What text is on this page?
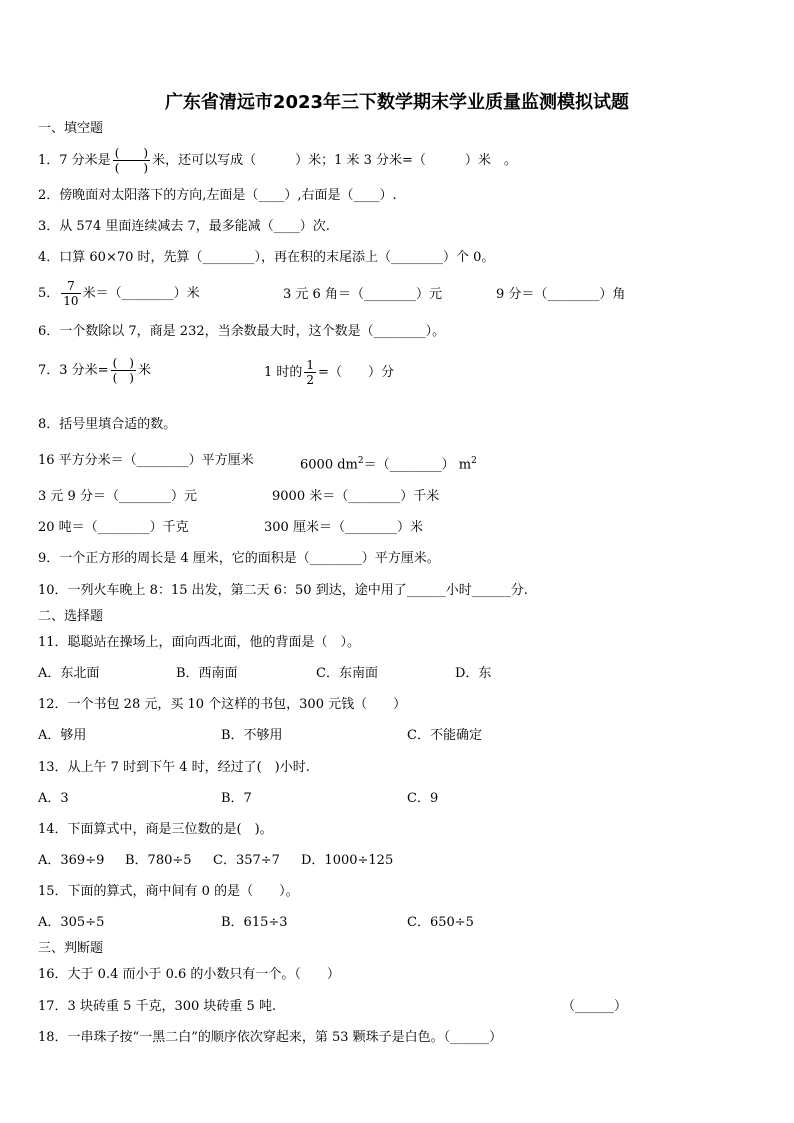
广东省清远市2023年三下数学期末学业质量监测模拟试题
一、填空题
1．7 分米是 $\frac{( )}{( )}$ 米，还可以写成（　　　）米；1 米 3 分米=（　　　）米　。
2．傍晚面对太阳落下的方向,左面是（____）,右面是（____）.
3．从 574 里面连续减去 7，最多能减（____）次.
4．口算 60×70 时，先算（________），再在积的末尾添上（________）个 0。
5． $\frac{7}{10}$ 米＝（________）米	3 元 6 角＝（________）元	9 分＝（________）角
6．一个数除以 7，商是 232，当余数最大时，这个数是（________）。
7．3 分米= $\frac{( )}{( )}$ 米	1 时的 $\frac{1}{2}$ =（　　）分
8．括号里填合适的数。
16 平方分米＝（________）平方厘米	6000 $dm^2=(\_\_\_\_\_\_\_\_)$ $m^2$
3 元 9 分＝（________）元	9000 米＝（________）千米
20 吨＝（________）千克	300 厘米＝（________）米
9．一个正方形的周长是 4 厘米，它的面积是（________）平方厘米。
10．一列火车晚上 8：15 出发，第二天 6：50 到达，途中用了______小时______分.
二、选择题
11．聪聪站在操场上，面向西北面，他的背面是（　）。
A．东北面	B．西南面	C．东南面	D．东
12．一个书包 28 元，买 10 个这样的书包，300 元钱（　　）
A．够用	B．不够用	C．不能确定
13．从上午 7 时到下午 4 时，经过了(　)小时.
A．3	B．7	C．9
14．下面算式中，商是三位数的是(　)。
A．369÷9 B．780÷5 C．357÷7 D．1000÷125
15．下面的算式，商中间有 0 的是（　　）。
A．305÷5	B．615÷3	C．650÷5
三、判断题
16．大于 0.4 而小于 0.6 的小数只有一个。（　　）
17．3 块砖重 5 千克，300 块砖重 5 吨.	（______）
18．一串珠子按“一黑二白”的顺序依次穿起来，第 53 颗珠子是白色。（______）
